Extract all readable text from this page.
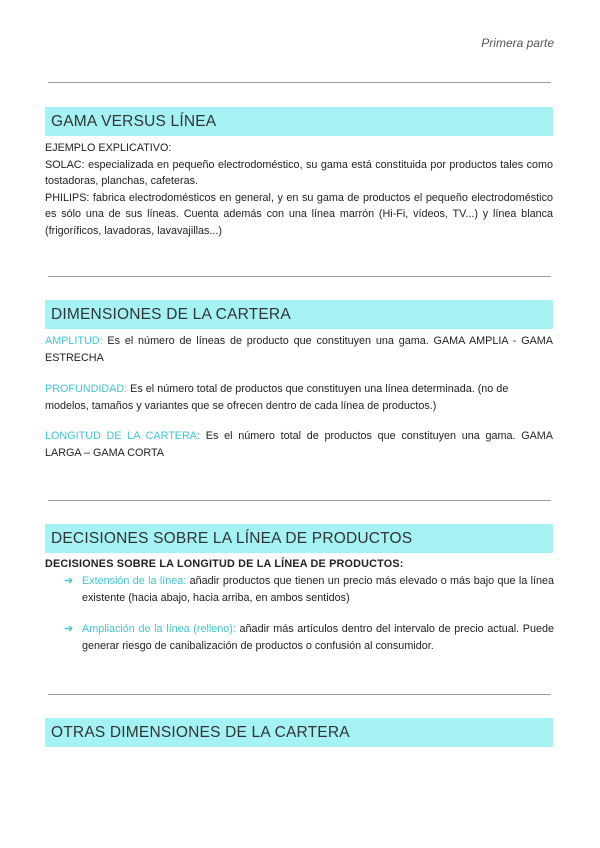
Primera parte
GAMA VERSUS LÍNEA
EJEMPLO EXPLICATIVO:
SOLAC: especializada en pequeño electrodoméstico, su gama está constituida por productos tales como tostadoras, planchas, cafeteras.
PHILIPS: fabrica electrodomésticos en general, y en su gama de productos el pequeño electrodoméstico es sólo una de sus líneas. Cuenta además con una línea marrón (Hi-Fi, vídeos, TV...) y línea blanca (frigoríficos, lavadoras, lavavajillas...)
DIMENSIONES DE LA CARTERA
AMPLITUD: Es el número de líneas de producto que constituyen una gama. GAMA AMPLIA - GAMA ESTRECHA
PROFUNDIDAD: Es el número total de productos que constituyen una línea determinada. (no de modelos, tamaños y variantes que se ofrecen dentro de cada línea de productos.)
LONGITUD DE LA CARTERA: Es el número total de productos que constituyen una gama. GAMA LARGA – GAMA CORTA
DECISIONES SOBRE LA LÍNEA DE PRODUCTOS
DECISIONES SOBRE LA LONGITUD DE LA LÍNEA DE PRODUCTOS:
➔ Extensión de la línea: añadir productos que tienen un precio más elevado o más bajo que la línea existente (hacia abajo, hacia arriba, en ambos sentidos)
➔ Ampliación de la línea (relleno): añadir más artículos dentro del intervalo de precio actual. Puede generar riesgo de canibalización de productos o confusión al consumidor.
OTRAS DIMENSIONES DE LA CARTERA
